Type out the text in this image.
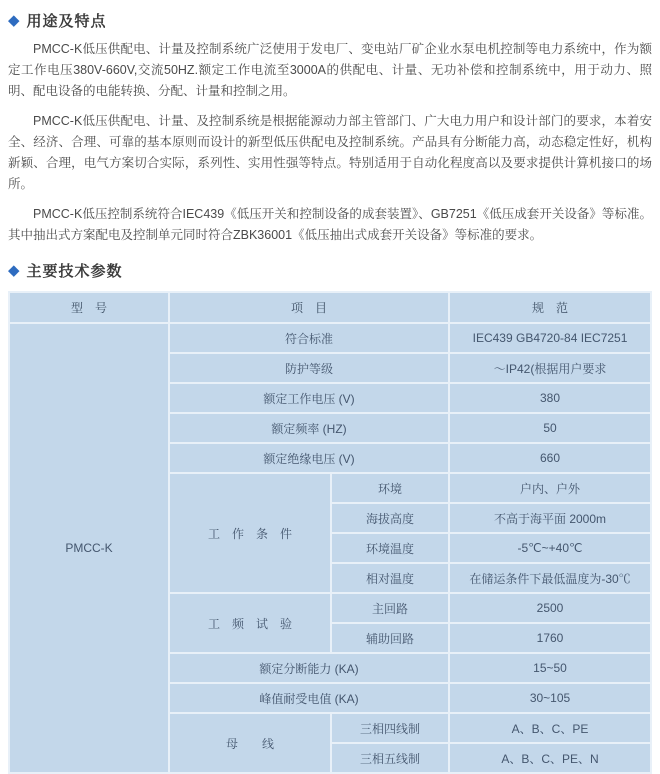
◆ 用途及特点

PMCC-K低压供配电、计量及控制系统广泛使用于发电厂、变电站厂矿企业水泵电机控制等电力系统中，作为额定工作电压380V-660V,交流50HZ.额定工作电流至3000A的供配电、计量、无功补偿和控制系统中，用于动力、照明、配电设备的电能转换、分配、计量和控制之用。

PMCC-K低压供配电、计量、及控制系统是根据能源动力部主管部门、广大电力用户和设计部门的要求，本着安全、经济、合理、可靠的基本原则而设计的新型低压供配电及控制系统。产品具有分断能力高，动态稳定性好，机构新颖、合理，电气方案切合实际，系列性、实用性强等特点。特别适用于自动化程度高以及要求提供计算机接口的场所。

PMCC-K低压控制系统符合IEC439《低压开关和控制设备的成套装置》、GB7251《低压成套开关设备》等标准。其中抽出式方案配电及控制单元同时符合ZBK36001《低压抽出式成套开关设备》等标准的要求。

◆ 主要技术参数
型　号	项　目		规　范
PMCC-K	符合标准		IEC439 GB4720-84 IEC7251
	防护等级		～IP42(根据用户要求
	额定工作电压 (V)		380
	额定频率 (HZ)		50
	额定绝缘电压 (V)		660
	工　作　条　件	环境	户内、户外
		海拔高度	不高于海平面 2000m
		环境温度	-5℃~+40℃
		相对温度	在储运条件下最低温度为-30℃
	工　频　试　验	主回路	2500
		辅助回路	1760
	额定分断能力 (KA)		15~50
	峰值耐受电值 (KA)		30~105
	母　　线	三相四线制	A、B、C、PE
		三相五线制	A、B、C、PE、N
